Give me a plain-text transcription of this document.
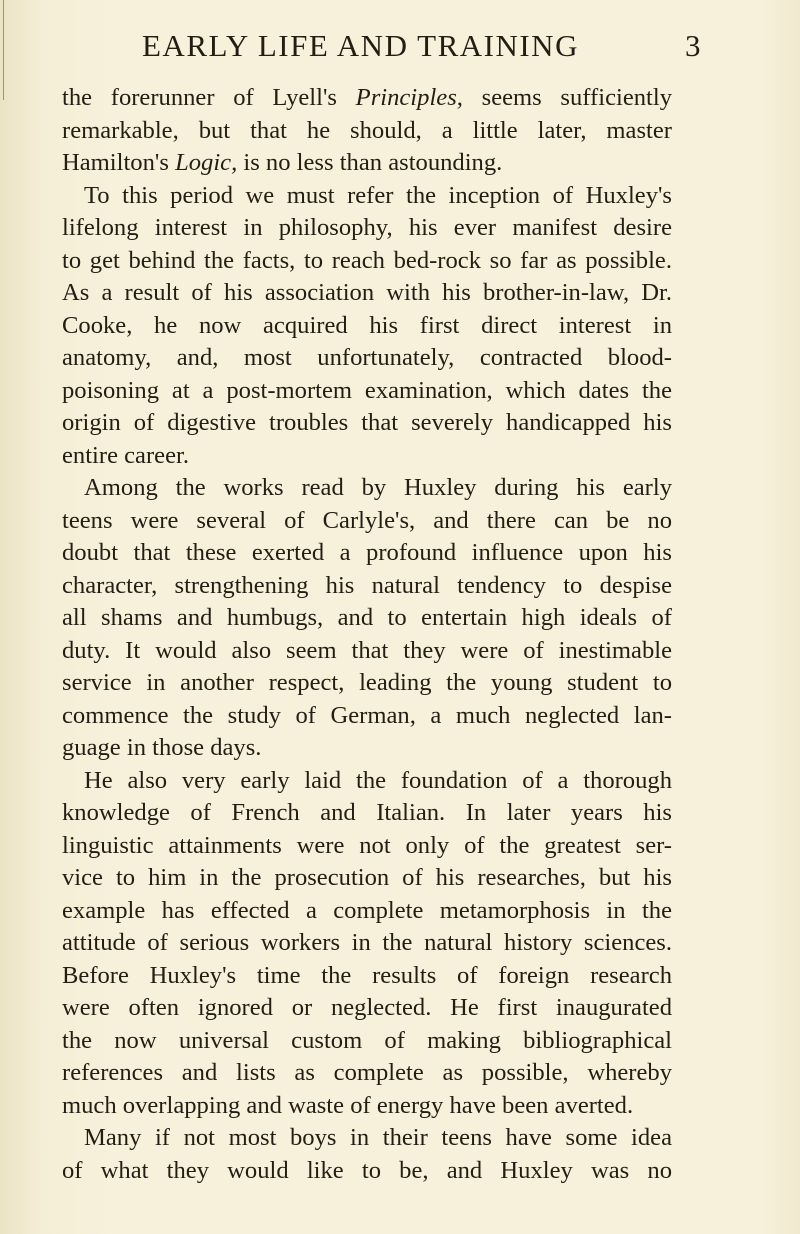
EARLY LIFE AND TRAINING	3
the forerunner of Lyell's Principles, seems sufficiently
remarkable, but that he should, a little later, master
Hamilton's Logic, is no less than astounding.
To this period we must refer the inception of Huxley's
lifelong interest in philosophy, his ever manifest desire
to get behind the facts, to reach bed-rock so far as possible.
As a result of his association with his brother-in-law, Dr.
Cooke, he now acquired his first direct interest in
anatomy, and, most unfortunately, contracted blood-
poisoning at a post-mortem examination, which dates the
origin of digestive troubles that severely handicapped his
entire career.
Among the works read by Huxley during his early
teens were several of Carlyle's, and there can be no
doubt that these exerted a profound influence upon his
character, strengthening his natural tendency to despise
all shams and humbugs, and to entertain high ideals of
duty. It would also seem that they were of inestimable
service in another respect, leading the young student to
commence the study of German, a much neglected lan-
guage in those days.
He also very early laid the foundation of a thorough
knowledge of French and Italian. In later years his
linguistic attainments were not only of the greatest ser-
vice to him in the prosecution of his researches, but his
example has effected a complete metamorphosis in the
attitude of serious workers in the natural history sciences.
Before Huxley's time the results of foreign research
were often ignored or neglected. He first inaugurated
the now universal custom of making bibliographical
references and lists as complete as possible, whereby
much overlapping and waste of energy have been averted.
Many if not most boys in their teens have some idea
of what they would like to be, and Huxley was no
